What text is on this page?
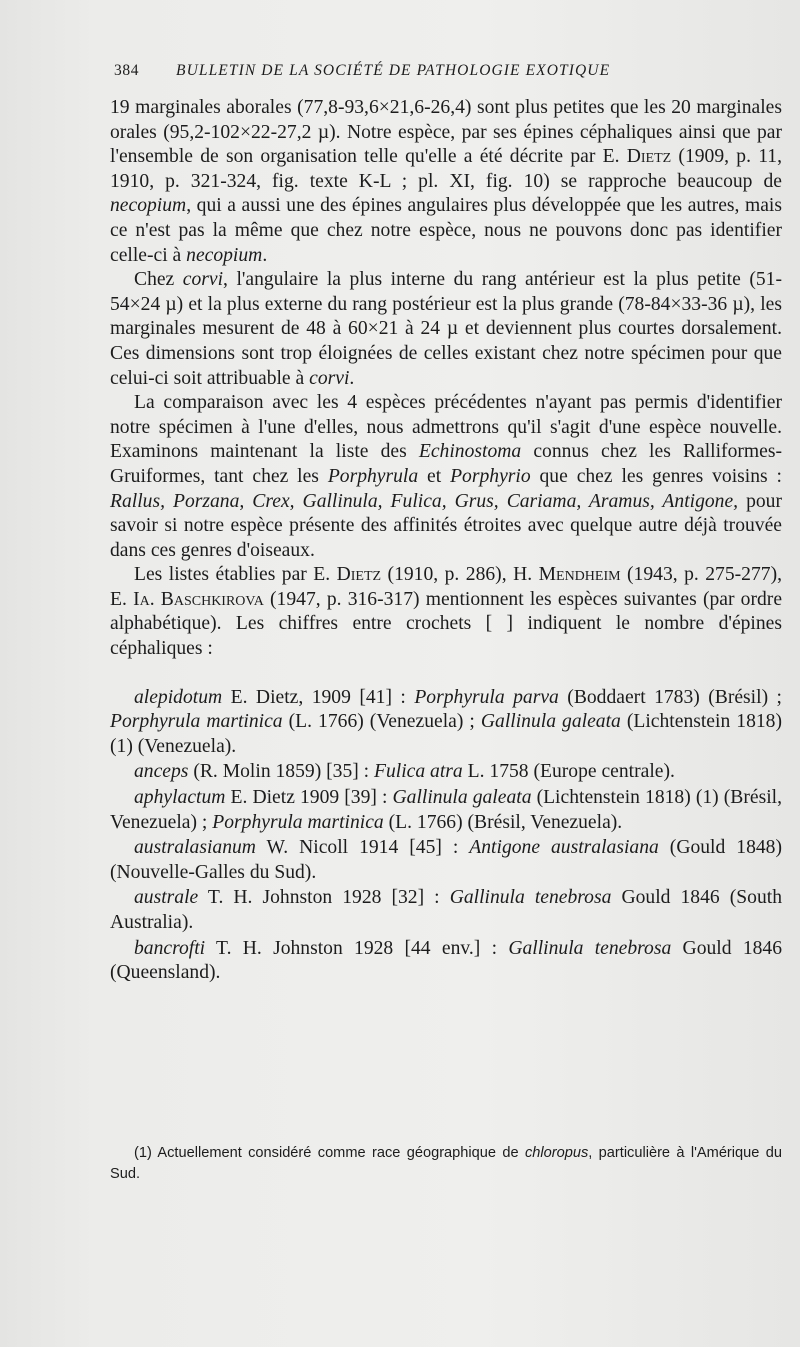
384 BULLETIN DE LA SOCIÉTÉ DE PATHOLOGIE EXOTIQUE

19 marginales aborales (77,8-93,6×21,6-26,4) sont plus petites que les 20 marginales orales (95,2-102×22-27,2 µ). Notre espèce, par ses épines céphaliques ainsi que par l'ensemble de son organisation telle qu'elle a été décrite par E. Dietz (1909, p. 11, 1910, p. 321-324, fig. texte K-L ; pl. XI, fig. 10) se rapproche beaucoup de necopium, qui a aussi une des épines angulaires plus développée que les autres, mais ce n'est pas la même que chez notre espèce, nous ne pouvons donc pas identifier celle-ci à necopium.

Chez corvi, l'angulaire la plus interne du rang antérieur est la plus petite (51-54×24 µ) et la plus externe du rang postérieur est la plus grande (78-84×33-36 µ), les marginales mesurent de 48 à 60×21 à 24 µ et deviennent plus courtes dorsalement. Ces dimensions sont trop éloignées de celles existant chez notre spécimen pour que celui-ci soit attribuable à corvi.

La comparaison avec les 4 espèces précédentes n'ayant pas permis d'identifier notre spécimen à l'une d'elles, nous admettrons qu'il s'agit d'une espèce nouvelle. Examinons maintenant la liste des Echinostoma connus chez les Ralliformes-Gruiformes, tant chez les Porphyrula et Porphyrio que chez les genres voisins : Rallus, Porzana, Crex, Gallinula, Fulica, Grus, Cariama, Aramus, Antigone, pour savoir si notre espèce présente des affinités étroites avec quelque autre déjà trouvée dans ces genres d'oiseaux.

Les listes établies par E. Dietz (1910, p. 286), H. Mendheim (1943, p. 275-277), E. Ia. Baschkirova (1947, p. 316-317) mentionnent les espèces suivantes (par ordre alphabétique). Les chiffres entre crochets [ ] indiquent le nombre d'épines céphaliques :

alepidotum E. Dietz, 1909 [41] : Porphyrula parva (Boddaert 1783) (Brésil) ; Porphyrula martinica (L. 1766) (Venezuela) ; Gallinula galeata (Lichtenstein 1818) (1) (Venezuela).

anceps (R. Molin 1859) [35] : Fulica atra L. 1758 (Europe centrale).

aphylactum E. Dietz 1909 [39] : Gallinula galeata (Lichtenstein 1818) (1) (Brésil, Venezuela) ; Porphyrula martinica (L. 1766) (Brésil, Venezuela).

australasianum W. Nicoll 1914 [45] : Antigone australasiana (Gould 1848) (Nouvelle-Galles du Sud).

australe T. H. Johnston 1928 [32] : Gallinula tenebrosa Gould 1846 (South Australia).

bancrofti T. H. Johnston 1928 [44 env.] : Gallinula tenebrosa Gould 1846 (Queensland).

(1) Actuellement considéré comme race géographique de chloropus, particulière à l'Amérique du Sud.
